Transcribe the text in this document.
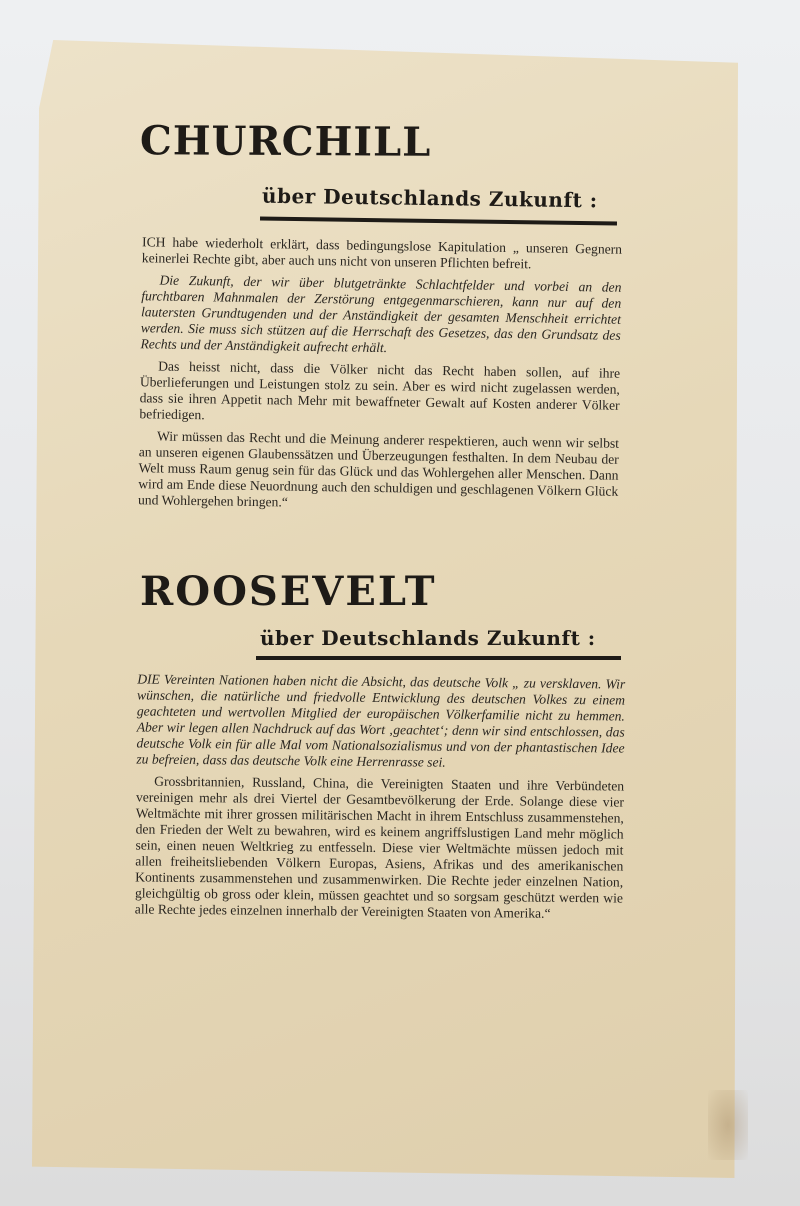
CHURCHILL
über Deutschlands Zukunft :

ICH habe wiederholt erklärt, dass bedingungslose Kapitulation „ unseren Gegnern keinerlei Rechte gibt, aber auch uns nicht von unseren Pflichten befreit.

Die Zukunft, der wir über blutgetränkte Schlachtfelder und vorbei an den furchtbaren Mahnmalen der Zerstörung entgegenmarschieren, kann nur auf den lautersten Grundtugenden und der Anständigkeit der gesamten Menschheit errichtet werden. Sie muss sich stützen auf die Herrschaft des Gesetzes, das den Grundsatz des Rechts und der Anständigkeit aufrecht erhält.

Das heisst nicht, dass die Völker nicht das Recht haben sollen, auf ihre Überlieferungen und Leistungen stolz zu sein. Aber es wird nicht zugelassen werden, dass sie ihren Appetit nach Mehr mit bewaffneter Gewalt auf Kosten anderer Völker befriedigen.

Wir müssen das Recht und die Meinung anderer respektieren, auch wenn wir selbst an unseren eigenen Glaubenssätzen und Überzeugungen festhalten. In dem Neubau der Welt muss Raum genug sein für das Glück und das Wohlergehen aller Menschen. Dann wird am Ende diese Neuordnung auch den schuldigen und geschlagenen Völkern Glück und Wohlergehen bringen.“

ROOSEVELT
über Deutschlands Zukunft :

DIE Vereinten Nationen haben nicht die Absicht, das deutsche Volk „ zu versklaven. Wir wünschen, die natürliche und friedvolle Entwicklung des deutschen Volkes zu einem geachteten und wertvollen Mitglied der europäischen Völkerfamilie nicht zu hemmen. Aber wir legen allen Nachdruck auf das Wort ‚geachtet‘; denn wir sind entschlossen, das deutsche Volk ein für alle Mal vom Nationalsozialismus und von der phantastischen Idee zu befreien, dass das deutsche Volk eine Herrenrasse sei.

Grossbritannien, Russland, China, die Vereinigten Staaten und ihre Verbündeten vereinigen mehr als drei Viertel der Gesamtbevölkerung der Erde. Solange diese vier Weltmächte mit ihrer grossen militärischen Macht in ihrem Entschluss zusammenstehen, den Frieden der Welt zu bewahren, wird es keinem angriffslustigen Land mehr möglich sein, einen neuen Weltkrieg zu entfesseln. Diese vier Weltmächte müssen jedoch mit allen freiheitsliebenden Völkern Europas, Asiens, Afrikas und des amerikanischen Kontinents zusammenstehen und zusammenwirken. Die Rechte jeder einzelnen Nation, gleichgültig ob gross oder klein, müssen geachtet und so sorgsam geschützt werden wie alle Rechte jedes einzelnen innerhalb der Vereinigten Staaten von Amerika.“
